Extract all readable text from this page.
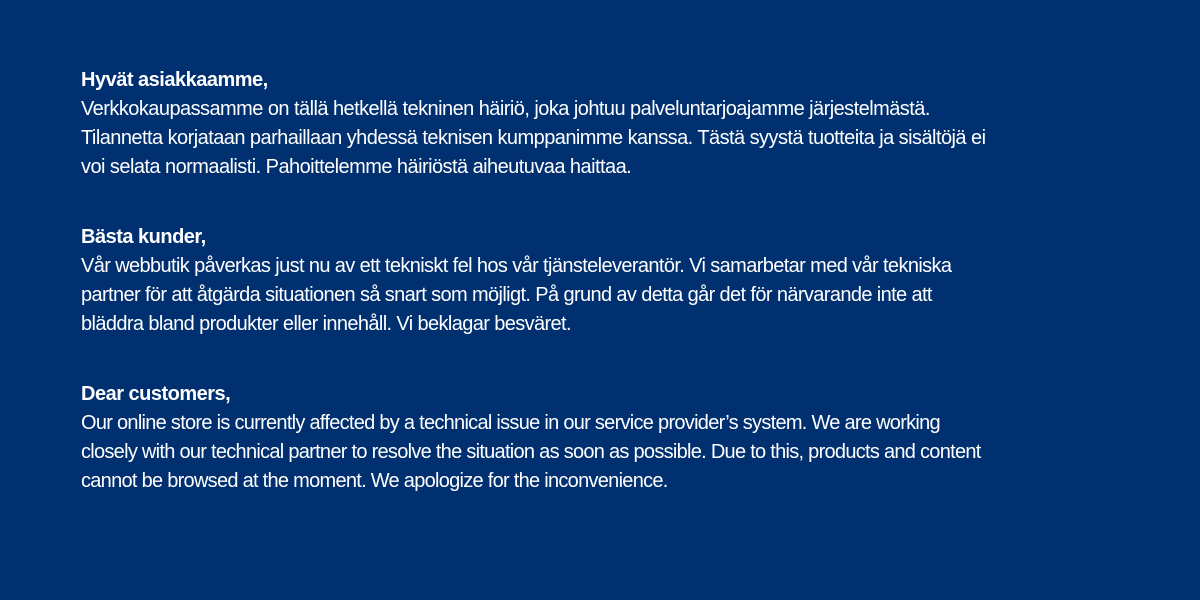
Hyvät asiakkaamme,

Verkkokaupassamme on tällä hetkellä tekninen häiriö, joka johtuu palveluntarjoajamme järjestelmästä.

Tilannetta korjataan parhaillaan yhdessä teknisen kumppanimme kanssa. Tästä syystä tuotteita ja sisältöjä ei

voi selata normaalisti. Pahoittelemme häiriöstä aiheutuvaa haittaa.

Bästa kunder,

Vår webbutik påverkas just nu av ett tekniskt fel hos vår tjänsteleverantör. Vi samarbetar med vår tekniska

partner för att åtgärda situationen så snart som möjligt. På grund av detta går det för närvarande inte att

bläddra bland produkter eller innehåll. Vi beklagar besväret.

Dear customers,

Our online store is currently affected by a technical issue in our service provider’s system. We are working

closely with our technical partner to resolve the situation as soon as possible. Due to this, products and content

cannot be browsed at the moment. We apologize for the inconvenience.
